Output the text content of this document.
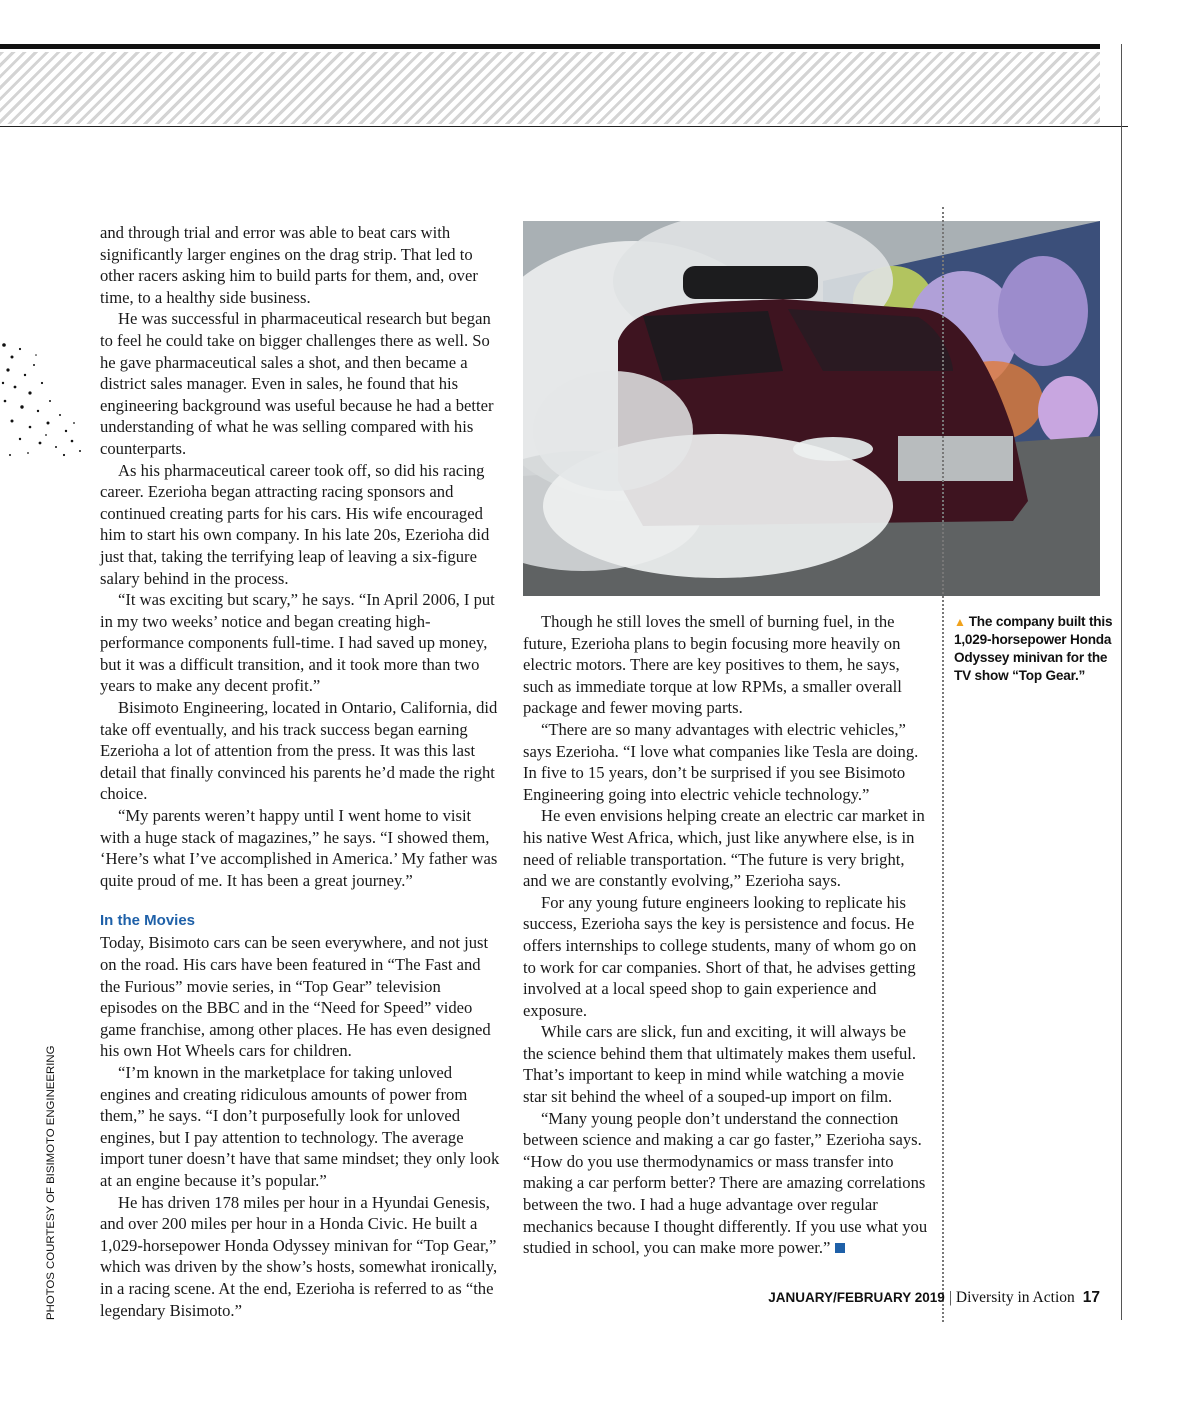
and through trial and error was able to beat cars with significantly larger engines on the drag strip. That led to other racers asking him to build parts for them, and, over time, to a healthy side business.

He was successful in pharmaceutical research but began to feel he could take on bigger challenges there as well. So he gave pharmaceutical sales a shot, and then became a district sales manager. Even in sales, he found that his engineering background was useful because he had a better understanding of what he was selling compared with his counterparts.

As his pharmaceutical career took off, so did his racing career. Ezerioha began attracting racing sponsors and continued creating parts for his cars. His wife encouraged him to start his own company. In his late 20s, Ezerioha did just that, taking the terrifying leap of leaving a six-figure salary behind in the process.

“It was exciting but scary,” he says. “In April 2006, I put in my two weeks’ notice and began creating high-performance components full-time. I had saved up money, but it was a difficult transition, and it took more than two years to make any decent profit.”

Bisimoto Engineering, located in Ontario, California, did take off eventually, and his track success began earning Ezerioha a lot of attention from the press. It was this last detail that finally convinced his parents he’d made the right choice.

“My parents weren’t happy until I went home to visit with a huge stack of magazines,” he says. “I showed them, ‘Here’s what I’ve accomplished in America.’ My father was quite proud of me. It has been a great journey.”

In the Movies

Today, Bisimoto cars can be seen everywhere, and not just on the road. His cars have been featured in “The Fast and the Furious” movie series, in “Top Gear” television episodes on the BBC and in the “Need for Speed” video game franchise, among other places. He has even designed his own Hot Wheels cars for children.

“I’m known in the marketplace for taking unloved engines and creating ridiculous amounts of power from them,” he says. “I don’t purposefully look for unloved engines, but I pay attention to technology. The average import tuner doesn’t have that same mindset; they only look at an engine because it’s popular.”

He has driven 178 miles per hour in a Hyundai Genesis, and over 200 miles per hour in a Honda Civic. He built a 1,029-horsepower Honda Odyssey minivan for “Top Gear,” which was driven by the show’s hosts, somewhat ironically, in a racing scene. At the end, Ezerioha is referred to as “the legendary Bisimoto.”

▲ The company built this 1,029-horsepower Honda Odyssey minivan for the TV show “Top Gear.”

Though he still loves the smell of burning fuel, in the future, Ezerioha plans to begin focusing more heavily on electric motors. There are key positives to them, he says, such as immediate torque at low RPMs, a smaller overall package and fewer moving parts.

“There are so many advantages with electric vehicles,” says Ezerioha. “I love what companies like Tesla are doing. In five to 15 years, don’t be surprised if you see Bisimoto Engineering going into electric vehicle technology.”

He even envisions helping create an electric car market in his native West Africa, which, just like anywhere else, is in need of reliable transportation. “The future is very bright, and we are constantly evolving,” Ezerioha says.

For any young future engineers looking to replicate his success, Ezerioha says the key is persistence and focus. He offers internships to college students, many of whom go on to work for car companies. Short of that, he advises getting involved at a local speed shop to gain experience and exposure.

While cars are slick, fun and exciting, it will always be the science behind them that ultimately makes them useful. That’s important to keep in mind while watching a movie star sit behind the wheel of a souped-up import on film.

“Many young people don’t understand the connection between science and making a car go faster,” Ezerioha says. “How do you use thermodynamics or mass transfer into making a car perform better? There are amazing correlations between the two. I had a huge advantage over regular mechanics because I thought differently. If you use what you studied in school, you can make more power.”

PHOTOS COURTESY OF BISIMOTO ENGINEERING	JANUARY/FEBRUARY 2019 | Diversity in Action 17
